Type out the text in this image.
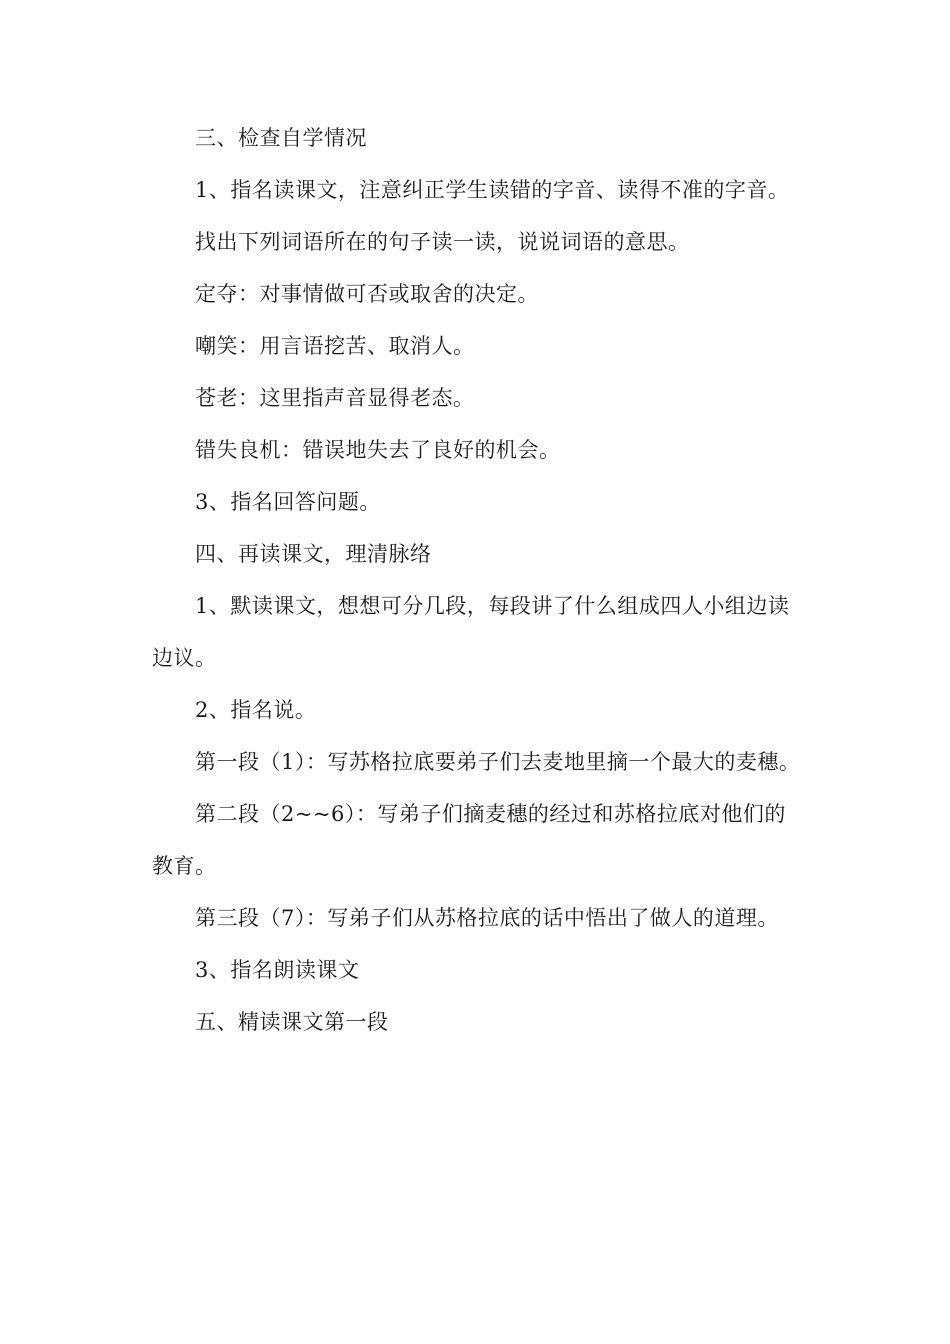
三、检查自学情况

1、指名读课文，注意纠正学生读错的字音、读得不准的字音。

找出下列词语所在的句子读一读，说说词语的意思。

定夺：对事情做可否或取舍的决定。

嘲笑：用言语挖苦、取消人。

苍老：这里指声音显得老态。

错失良机：错误地失去了良好的机会。

3、指名回答问题。

四、再读课文，理清脉络

1、默读课文，想想可分几段，每段讲了什么组成四人小组边读边议。

2、指名说。

第一段（1）：写苏格拉底要弟子们去麦地里摘一个最大的麦穗。

第二段（2~~6）：写弟子们摘麦穗的经过和苏格拉底对他们的教育。

第三段（7）：写弟子们从苏格拉底的话中悟出了做人的道理。

3、指名朗读课文

五、精读课文第一段
